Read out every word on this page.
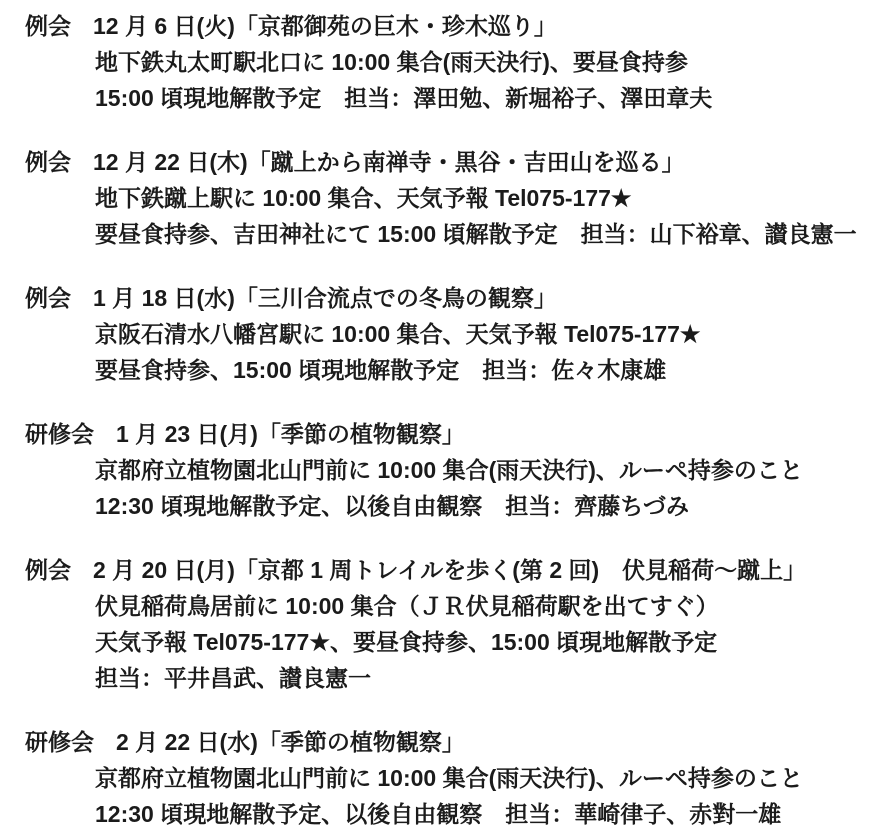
例会 12 月 6 日(火)「京都御苑の巨木・珍木巡り」
地下鉄丸太町駅北口に 10:00 集合(雨天決行)、要昼食持参
15:00 頃現地解散予定　担当：澤田勉、新堀裕子、澤田章夫
例会 12 月 22 日(木)「蹴上から南禅寺・黒谷・吉田山を巡る」
地下鉄蹴上駅に 10:00 集合、天気予報 Tel075-177★
要昼食持参、吉田神社にて 15:00 頃解散予定　担当：山下裕章、讃良憲一
例会 1 月 18 日(水)「三川合流点での冬鳥の観察」
京阪石清水八幡宮駅に 10:00 集合、天気予報 Tel075-177★
要昼食持参、15:00 頃現地解散予定　担当：佐々木康雄
研修会 1 月 23 日(月)「季節の植物観察」
京都府立植物園北山門前に 10:00 集合(雨天決行)、ルーペ持参のこと
12:30 頃現地解散予定、以後自由観察　担当：齊藤ちづみ
例会 2 月 20 日(月)「京都 1 周トレイルを歩く(第 2 回)　伏見稲荷～蹴上」
伏見稲荷鳥居前に 10:00 集合（ＪＲ伏見稲荷駅を出てすぐ）
天気予報 Tel075-177★、要昼食持参、15:00 頃現地解散予定
担当：平井昌武、讃良憲一
研修会 2 月 22 日(水)「季節の植物観察」
京都府立植物園北山門前に 10:00 集合(雨天決行)、ルーペ持参のこと
12:30 頃現地解散予定、以後自由観察　担当：華崎律子、赤對一雄
